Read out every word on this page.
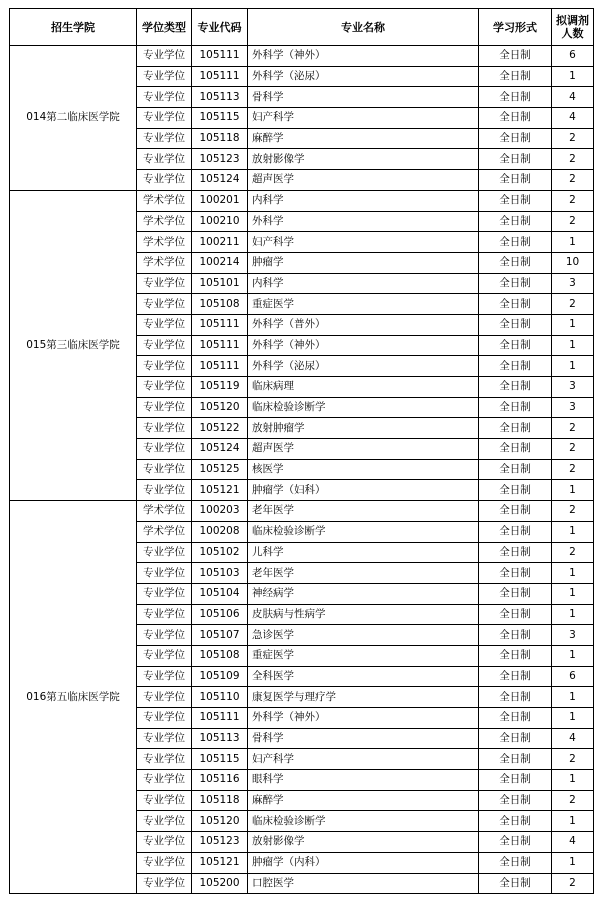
招生学院	学位类型	专业代码	专业名称	学习形式	拟调剂
人数
014第二临床医学院	专业学位	105111	外科学（神外）	全日制	6
	专业学位	105111	外科学（泌尿）	全日制	1
	专业学位	105113	骨科学	全日制	4
	专业学位	105115	妇产科学	全日制	4
	专业学位	105118	麻醉学	全日制	2
	专业学位	105123	放射影像学	全日制	2
	专业学位	105124	超声医学	全日制	2
015第三临床医学院	学术学位	100201	内科学	全日制	2
	学术学位	100210	外科学	全日制	2
	学术学位	100211	妇产科学	全日制	1
	学术学位	100214	肿瘤学	全日制	10
	专业学位	105101	内科学	全日制	3
	专业学位	105108	重症医学	全日制	2
	专业学位	105111	外科学（普外）	全日制	1
	专业学位	105111	外科学（神外）	全日制	1
	专业学位	105111	外科学（泌尿）	全日制	1
	专业学位	105119	临床病理	全日制	3
	专业学位	105120	临床检验诊断学	全日制	3
	专业学位	105122	放射肿瘤学	全日制	2
	专业学位	105124	超声医学	全日制	2
	专业学位	105125	核医学	全日制	2
	专业学位	105121	肿瘤学（妇科）	全日制	1
016第五临床医学院	学术学位	100203	老年医学	全日制	2
	学术学位	100208	临床检验诊断学	全日制	1
	专业学位	105102	儿科学	全日制	2
	专业学位	105103	老年医学	全日制	1
	专业学位	105104	神经病学	全日制	1
	专业学位	105106	皮肤病与性病学	全日制	1
	专业学位	105107	急诊医学	全日制	3
	专业学位	105108	重症医学	全日制	1
	专业学位	105109	全科医学	全日制	6
	专业学位	105110	康复医学与理疗学	全日制	1
	专业学位	105111	外科学（神外）	全日制	1
	专业学位	105113	骨科学	全日制	4
	专业学位	105115	妇产科学	全日制	2
	专业学位	105116	眼科学	全日制	1
	专业学位	105118	麻醉学	全日制	2
	专业学位	105120	临床检验诊断学	全日制	1
	专业学位	105123	放射影像学	全日制	4
	专业学位	105121	肿瘤学（内科）	全日制	1
	专业学位	105200	口腔医学	全日制	2
